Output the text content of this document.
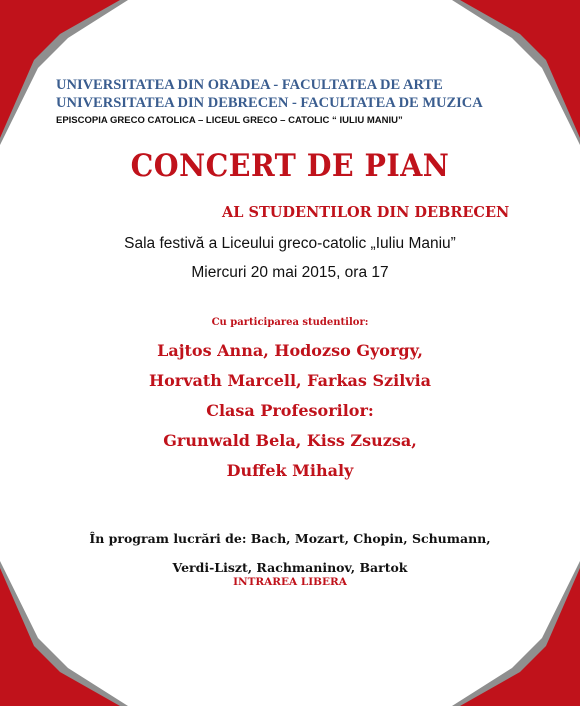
UNIVERSITATEA DIN ORADEA - FACULTATEA DE ARTE
UNIVERSITATEA DIN DEBRECEN - FACULTATEA DE MUZICA
EPISCOPIA GRECO CATOLICA – LICEUL GRECO – CATOLIC “ IULIU MANIU”
CONCERT DE PIAN
AL STUDENTILOR DIN DEBRECEN
Sala festivă a Liceului greco-catolic „Iuliu Maniu”
Miercuri 20 mai 2015, ora 17
Cu participarea studentilor:
Lajtos Anna, Hodozso Gyorgy,
Horvath Marcell, Farkas Szilvia
Clasa Profesorilor:
Grunwald Bela, Kiss Zsuzsa,
Duffek Mihaly
În program lucrări de: Bach, Mozart, Chopin, Schumann,
Verdi-Liszt, Rachmaninov, Bartok
INTRAREA LIBERA
